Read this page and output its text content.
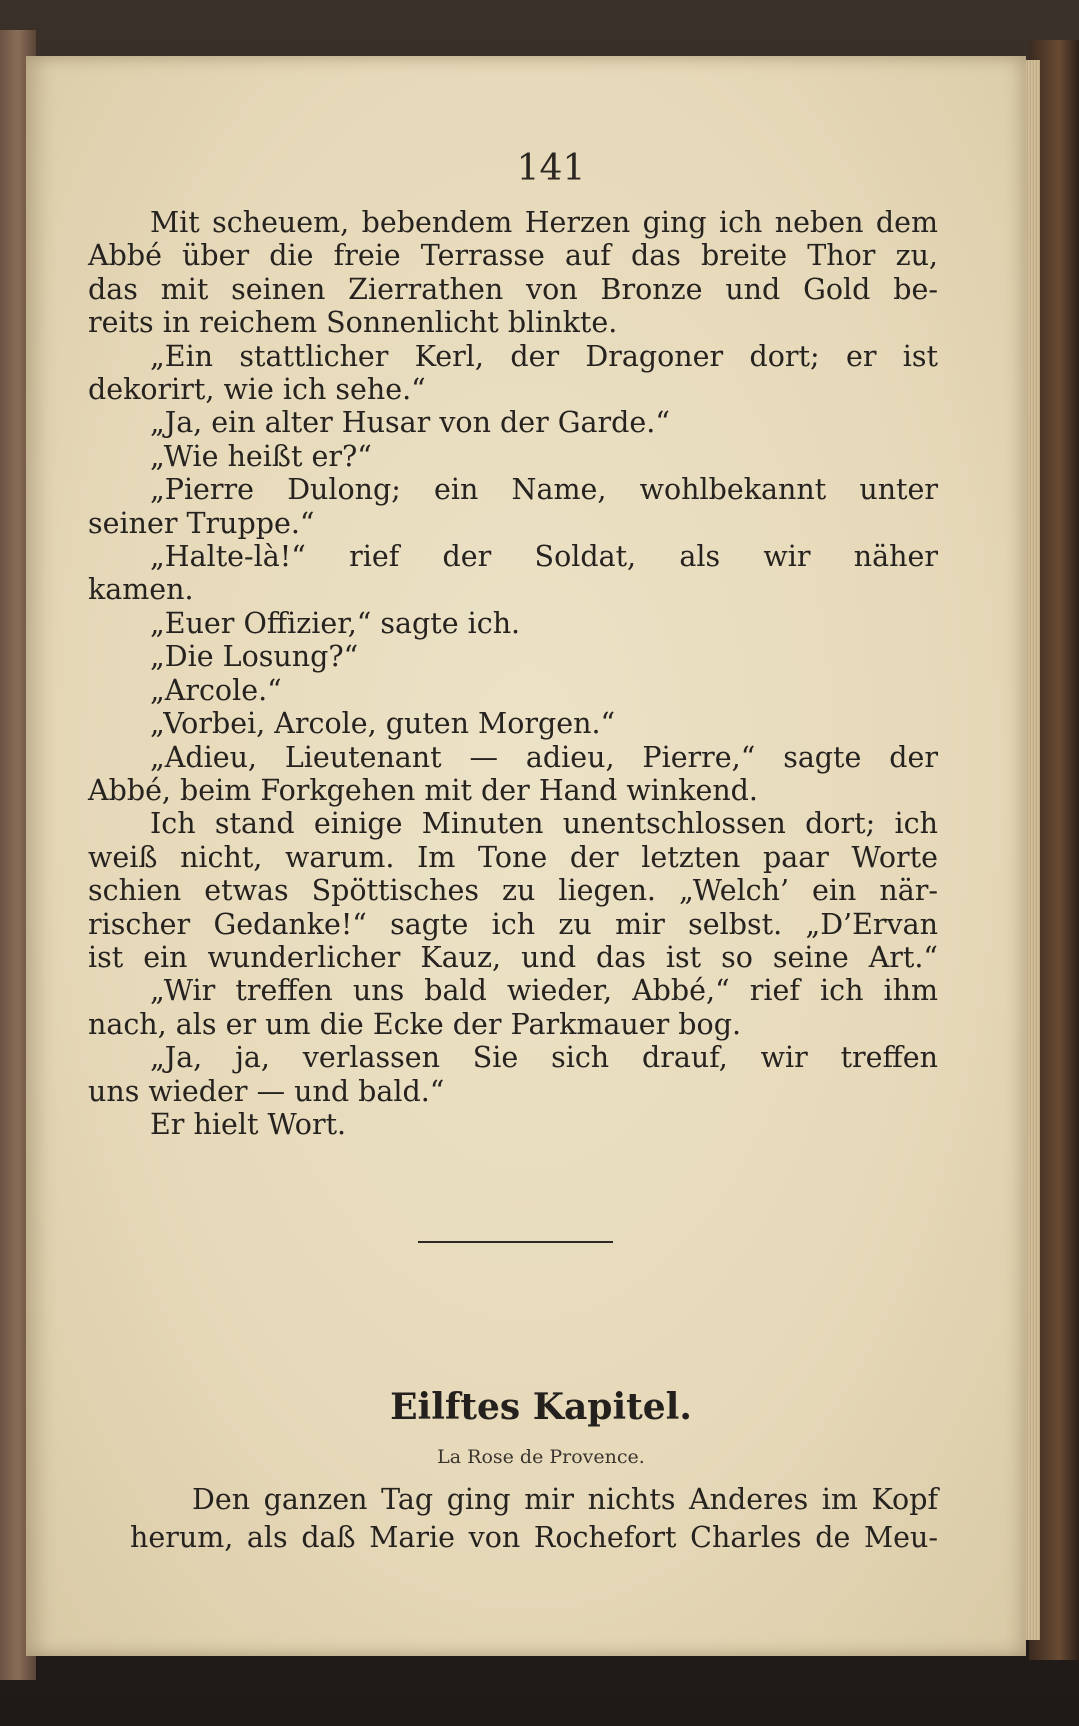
141
Mit scheuem, bebendem Herzen ging ich neben dem
Abbé über die freie Terrasse auf das breite Thor zu,
das mit seinen Zierrathen von Bronze und Gold be-
reits in reichem Sonnenlicht blinkte.
„Ein stattlicher Kerl, der Dragoner dort; er ist
dekorirt, wie ich sehe.“
„Ja, ein alter Husar von der Garde.“
„Wie heißt er?“
„Pierre Dulong; ein Name, wohlbekannt unter
seiner Truppe.“
„Halte-là!“ rief der Soldat, als wir näher
kamen.
„Euer Offizier,“ sagte ich.
„Die Losung?“
„Arcole.“
„Vorbei, Arcole, guten Morgen.“
„Adieu, Lieutenant — adieu, Pierre,“ sagte der
Abbé, beim Forkgehen mit der Hand winkend.
Ich stand einige Minuten unentschlossen dort; ich
weiß nicht, warum. Im Tone der letzten paar Worte
schien etwas Spöttisches zu liegen. „Welch’ ein när-
rischer Gedanke!“ sagte ich zu mir selbst. „D’Ervan
ist ein wunderlicher Kauz, und das ist so seine Art.“
„Wir treffen uns bald wieder, Abbé,“ rief ich ihm
nach, als er um die Ecke der Parkmauer bog.
„Ja, ja, verlassen Sie sich drauf, wir treffen
uns wieder — und bald.“
Er hielt Wort.
Eilftes Kapitel.
La Rose de Provence.
Den ganzen Tag ging mir nichts Anderes im Kopf
herum, als daß Marie von Rochefort Charles de Meu-
